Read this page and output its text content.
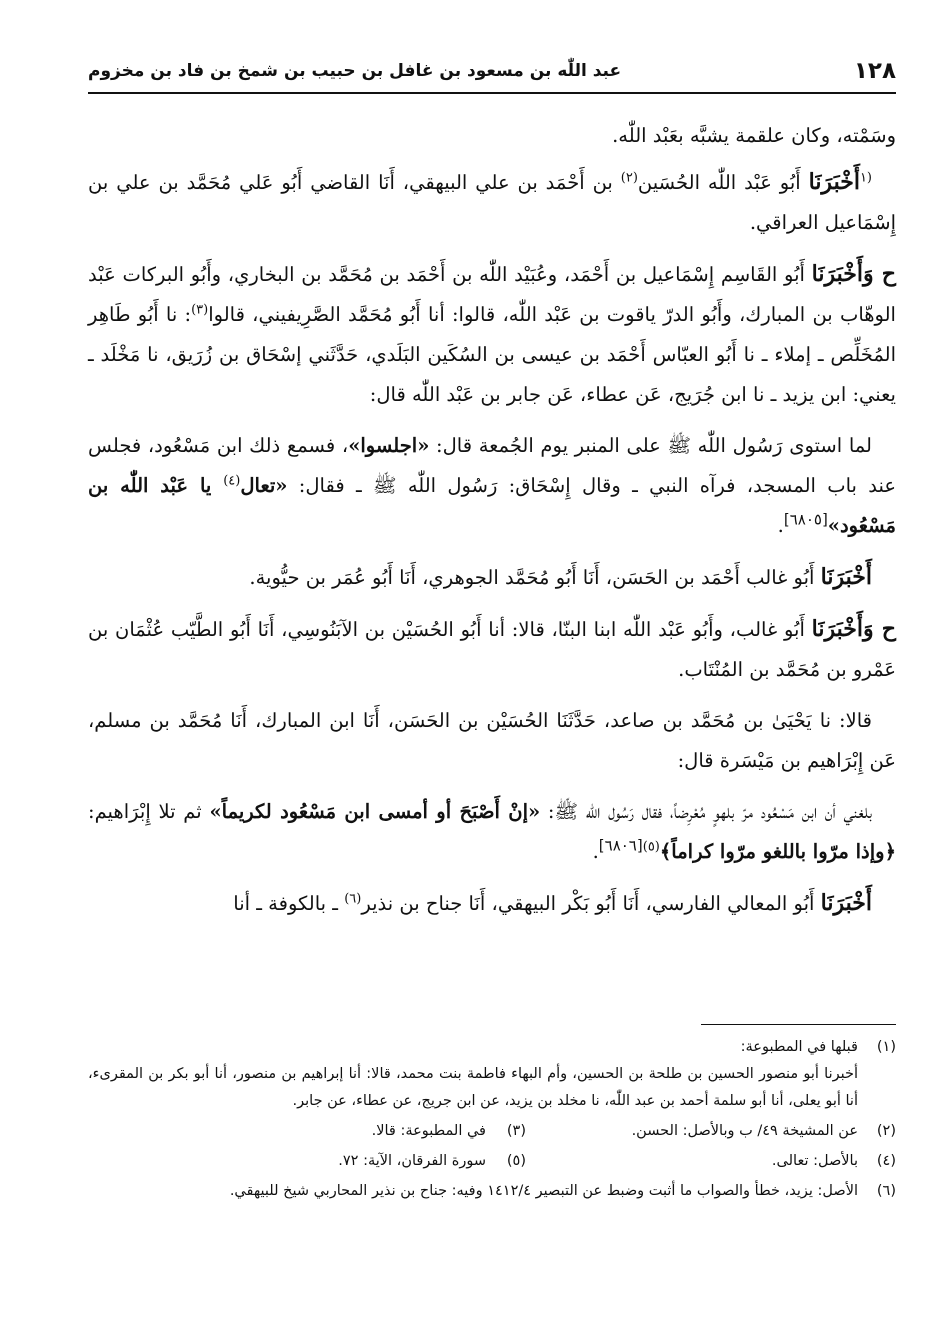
١٢٨
عبد اللّٰه بن مسعود بن غافل بن حبيب بن شمخ بن فاد بن مخزوم

وسَمْته، وكان علقمة يشبَّه بعَبْد اللّٰه.

$^{(١}$أَخْبَرَنَا أَبُو عَبْد اللّٰه الحُسَين$^{(٢)}$ بن أَحْمَد بن علي البيهقي، أَنَا القاضي أَبُو عَلي مُحَمَّد بن علي بن إِسْمَاعيل العراقي.

ح وَأَخْبَرَنَا أَبُو القَاسِم إِسْمَاعيل بن أَحْمَد، وعُبَيْد اللّٰه بن أَحْمَد بن مُحَمَّد بن البخاري، وأَبُو البركات عَبْد الوهّاب بن المبارك، وأَبُو الدرّ ياقوت بن عَبْد اللّٰه، قالوا: أنا أَبُو مُحَمَّد الصَّرِيفيني، قالوا$^{(٣)}$: نا أَبُو طَاهِر المُخَلِّص ـ إملاء ـ نا أَبُو العبّاس أَحْمَد بن عيسى بن السُكَين البَلَدي، حَدَّثَني إسْحَاق بن زُرَيق، نا مَخْلَد ـ يعني: ابن يزيد ـ نا ابن جُرَيج، عَن عطاء، عَن جابر بن عَبْد اللّٰه قال:

لما استوى رَسُول اللّٰه ﷺ على المنبر يوم الجُمعة قال: «اجلسوا»، فسمع ذلك ابن مَسْعُود، فجلس عند باب المسجد، فرآه النبي ـ وقال إِسْحَاق: رَسُول اللّٰه ﷺ ـ فقال: «تعال$^{(٤)}$ يا عَبْد اللّٰه بن مَسْعُود»[٦٨٠٥].

أَخْبَرَنَا أَبُو غالب أَحْمَد بن الحَسَن، أَنَا أَبُو مُحَمَّد الجوهري، أَنَا أَبُو عُمَر بن حيُّوية.

ح وَأَخْبَرَنَا أَبُو غالب، وأَبُو عَبْد اللّٰه ابنا البنّا، قالا: أنا أَبُو الحُسَيْن بن الآبَنُوسِي، أَنَا أَبُو الطَّيّب عُثْمَان بن عَمْرو بن مُحَمَّد بن المُنْتَاب.

قالا: نا يَحْيَىٰ بن مُحَمَّد بن صاعد، حَدَّثَنَا الحُسَيْن بن الحَسَن، أَنَا ابن المبارك، أَنَا مُحَمَّد بن مسلم، عَن إِبْرَاهيم بن مَيْسَرة قال:

بلغني أن ابن مَسْعُود مرّ بلهوٍ مُعْرِضاً، فقال رَسُول اللّٰه ﷺ: «إنْ أَصْبَحَ أو أمسى ابن مَسْعُود لكريماً» ثم تلا إِبْرَاهيم: ﴿وإذا مرّوا باللغو مرّوا كراماً﴾$^{(٥)[٦٨٠٦]}$.

أَخْبَرَنَا أَبُو المعالي الفارسي، أَنَا أَبُو بَكْر البيهقي، أَنَا جناح بن نذير$^{(٦)}$ ـ بالكوفة ـ أنا

(١)

قبلها في المطبوعة:

أخبرنا أبو منصور الحسين بن طلحة بن الحسين، وأم البهاء فاطمة بنت محمد، قالا: أنا إبراهيم بن منصور، أنا أبو بكر بن المقرىء، أنا أبو يعلى، أنا أبو سلمة أحمد بن عبد اللّٰه، نا مخلد بن يزيد، عن ابن جريج، عن عطاء، عن جابر.

(٢)
عن المشيخة ٤٩/ ب وبالأصل: الحسن.
(٣)
في المطبوعة: قالا.
(٤)
بالأصل: تعالى.
(٥)
سورة الفرقان، الآية: ٧٢.
(٦)

الأصل: يزيد، خطأ والصواب ما أثبت وضبط عن التبصير ١٤١٢/٤ وفيه: جناح بن نذير المحاربي شيخ للبيهقي.
